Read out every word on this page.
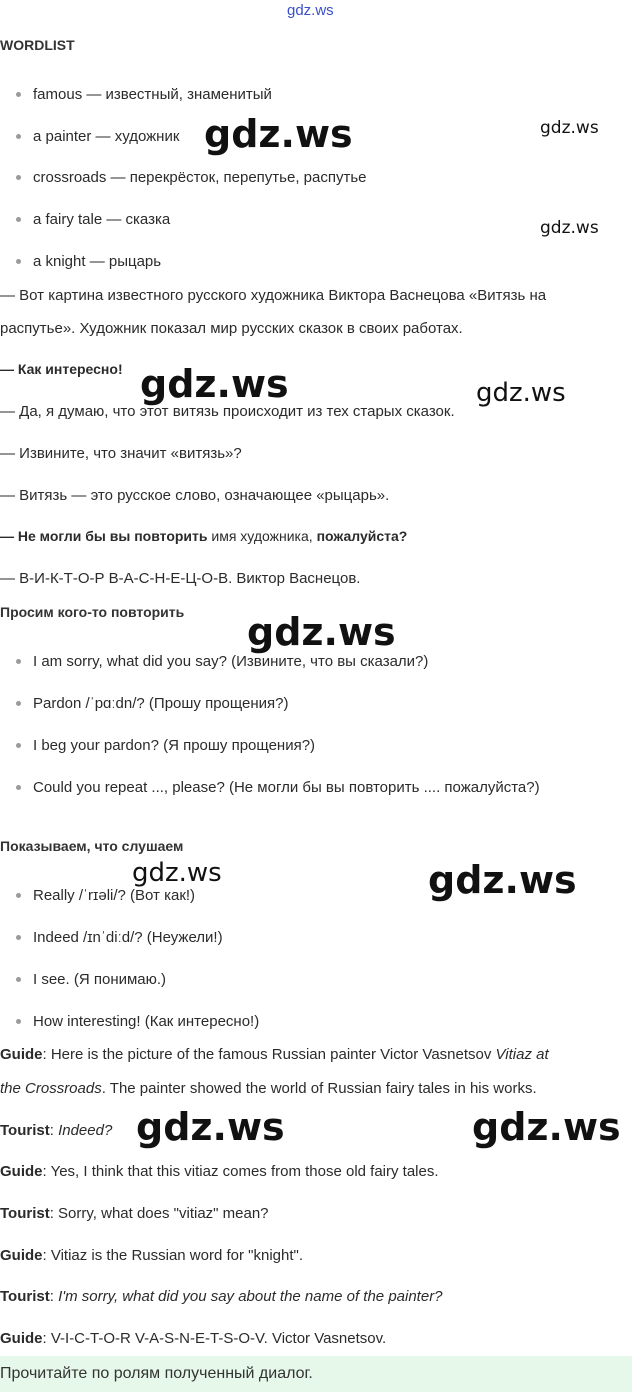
gdz.ws
WORDLIST
famous — известный, знаменитый
a painter — художник
crossroads — перекрёсток, перепутье, распутье
a fairy tale — сказка
a knight — рыцарь
— Вот картина известного русского художника Виктора Васнецова «Витязь на
распутье». Художник показал мир русских сказок в своих работах.
— Как интересно!
— Да, я думаю, что этот витязь происходит из тех старых сказок.
— Извините, что значит «витязь»?
— Витязь — это русское слово, означающее «рыцарь».
— Не могли бы вы повторить имя художника, пожалуйста?
— В-И-К-Т-О-Р В-А-С-Н-Е-Ц-О-В. Виктор Васнецов.
Просим кого-то повторить
I am sorry, what did you say? (Извините, что вы сказали?)
Pardon /ˈpɑːdn/? (Прошу прощения?)
I beg your pardon? (Я прошу прощения?)
Could you repeat ..., please? (Не могли бы вы повторить .... пожалуйста?)
Показываем, что слушаем
Really /ˈrɪəli/? (Вот как!)
Indeed /ɪnˈdiːd/? (Неужели!)
I see. (Я понимаю.)
How interesting! (Как интересно!)
Guide: Here is the picture of the famous Russian painter Victor Vasnetsov Vitiaz at
the Crossroads. The painter showed the world of Russian fairy tales in his works.
Tourist: Indeed?
Guide: Yes, I think that this vitiaz comes from those old fairy tales.
Tourist: Sorry, what does "vitiaz" mean?
Guide: Vitiaz is the Russian word for "knight".
Tourist: I'm sorry, what did you say about the name of the painter?
Guide: V-I-C-T-O-R V-A-S-N-E-T-S-O-V. Victor Vasnetsov.
Прочитайте по ролям полученный диалог.
gdz.ws	gdz.ws
gdz.ws
gdz.ws	gdz.ws
gdz.ws
gdz.ws	gdz.ws
gdz.ws	gdz.ws
